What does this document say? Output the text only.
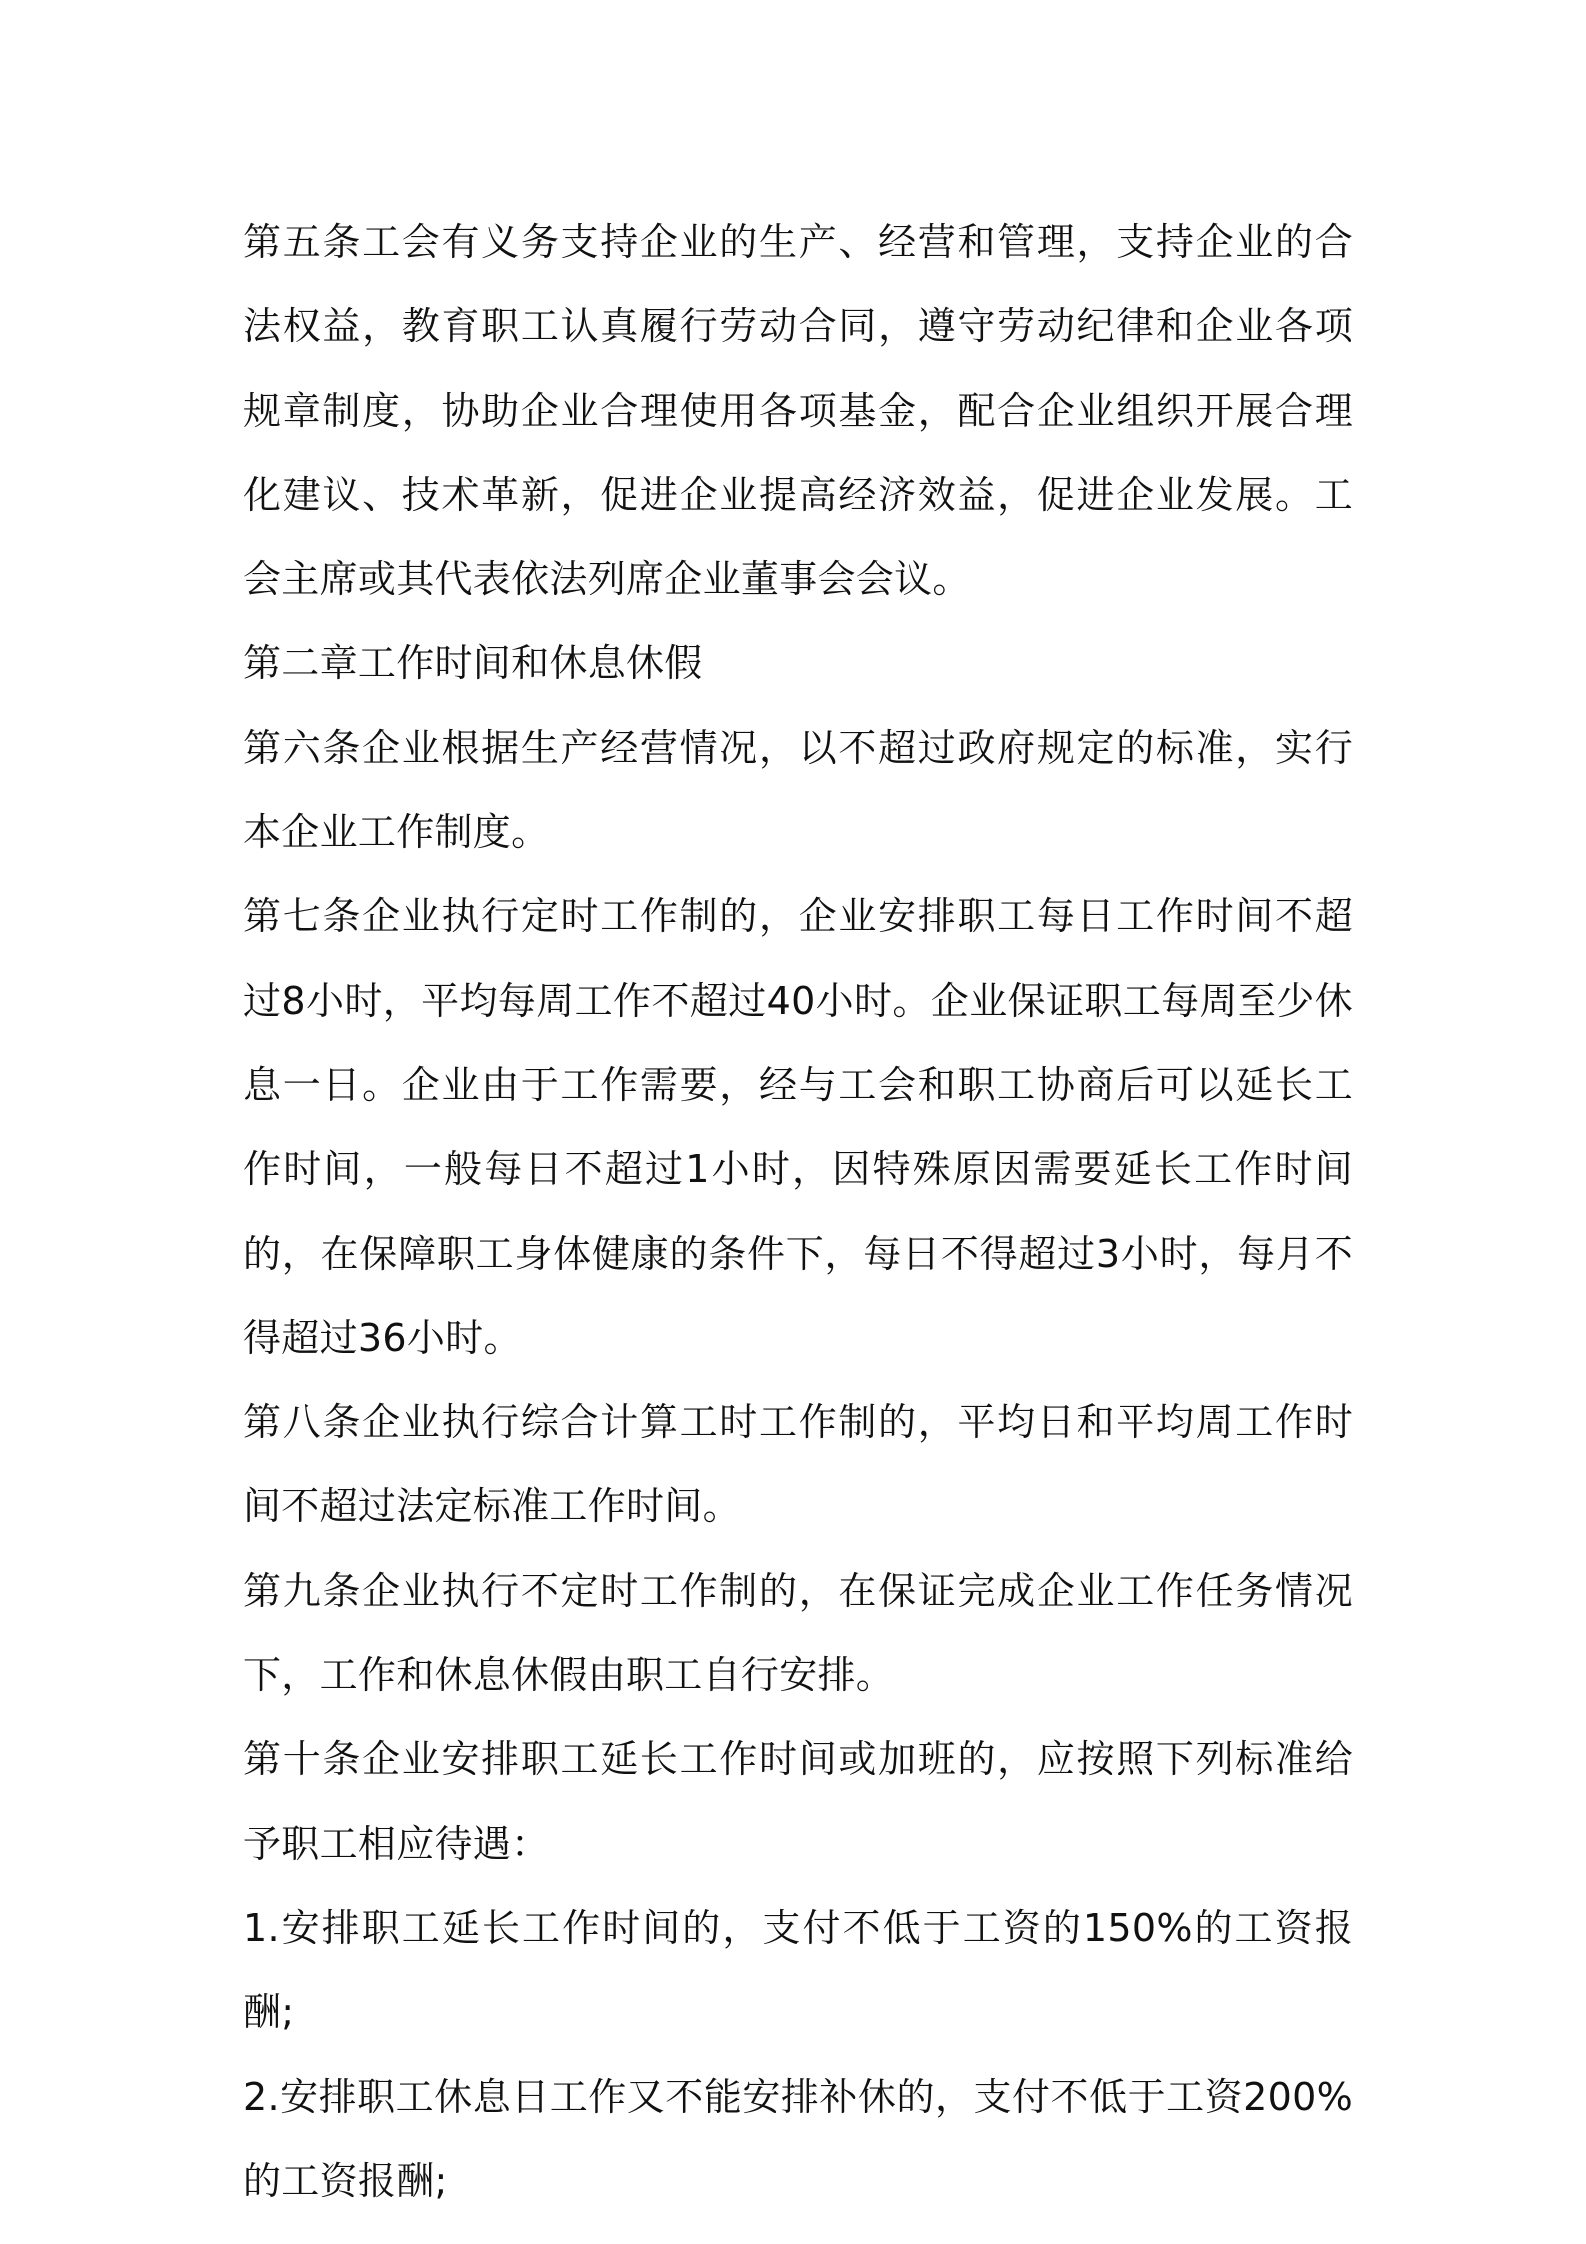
第五条工会有义务支持企业的生产、经营和管理，支持企业的合法权益，教育职工认真履行劳动合同，遵守劳动纪律和企业各项规章制度，协助企业合理使用各项基金，配合企业组织开展合理化建议、技术革新，促进企业提高经济效益，促进企业发展。工会主席或其代表依法列席企业董事会会议。

第二章工作时间和休息休假

第六条企业根据生产经营情况，以不超过政府规定的标准，实行本企业工作制度。

第七条企业执行定时工作制的，企业安排职工每日工作时间不超过8小时，平均每周工作不超过40小时。企业保证职工每周至少休息一日。企业由于工作需要，经与工会和职工协商后可以延长工作时间，一般每日不超过1小时，因特殊原因需要延长工作时间的，在保障职工身体健康的条件下，每日不得超过3小时，每月不得超过36小时。

第八条企业执行综合计算工时工作制的，平均日和平均周工作时间不超过法定标准工作时间。

第九条企业执行不定时工作制的，在保证完成企业工作任务情况下，工作和休息休假由职工自行安排。

第十条企业安排职工延长工作时间或加班的，应按照下列标准给予职工相应待遇：

1.安排职工延长工作时间的，支付不低于工资的150%的工资报酬;

2.安排职工休息日工作又不能安排补休的，支付不低于工资200%的工资报酬;
